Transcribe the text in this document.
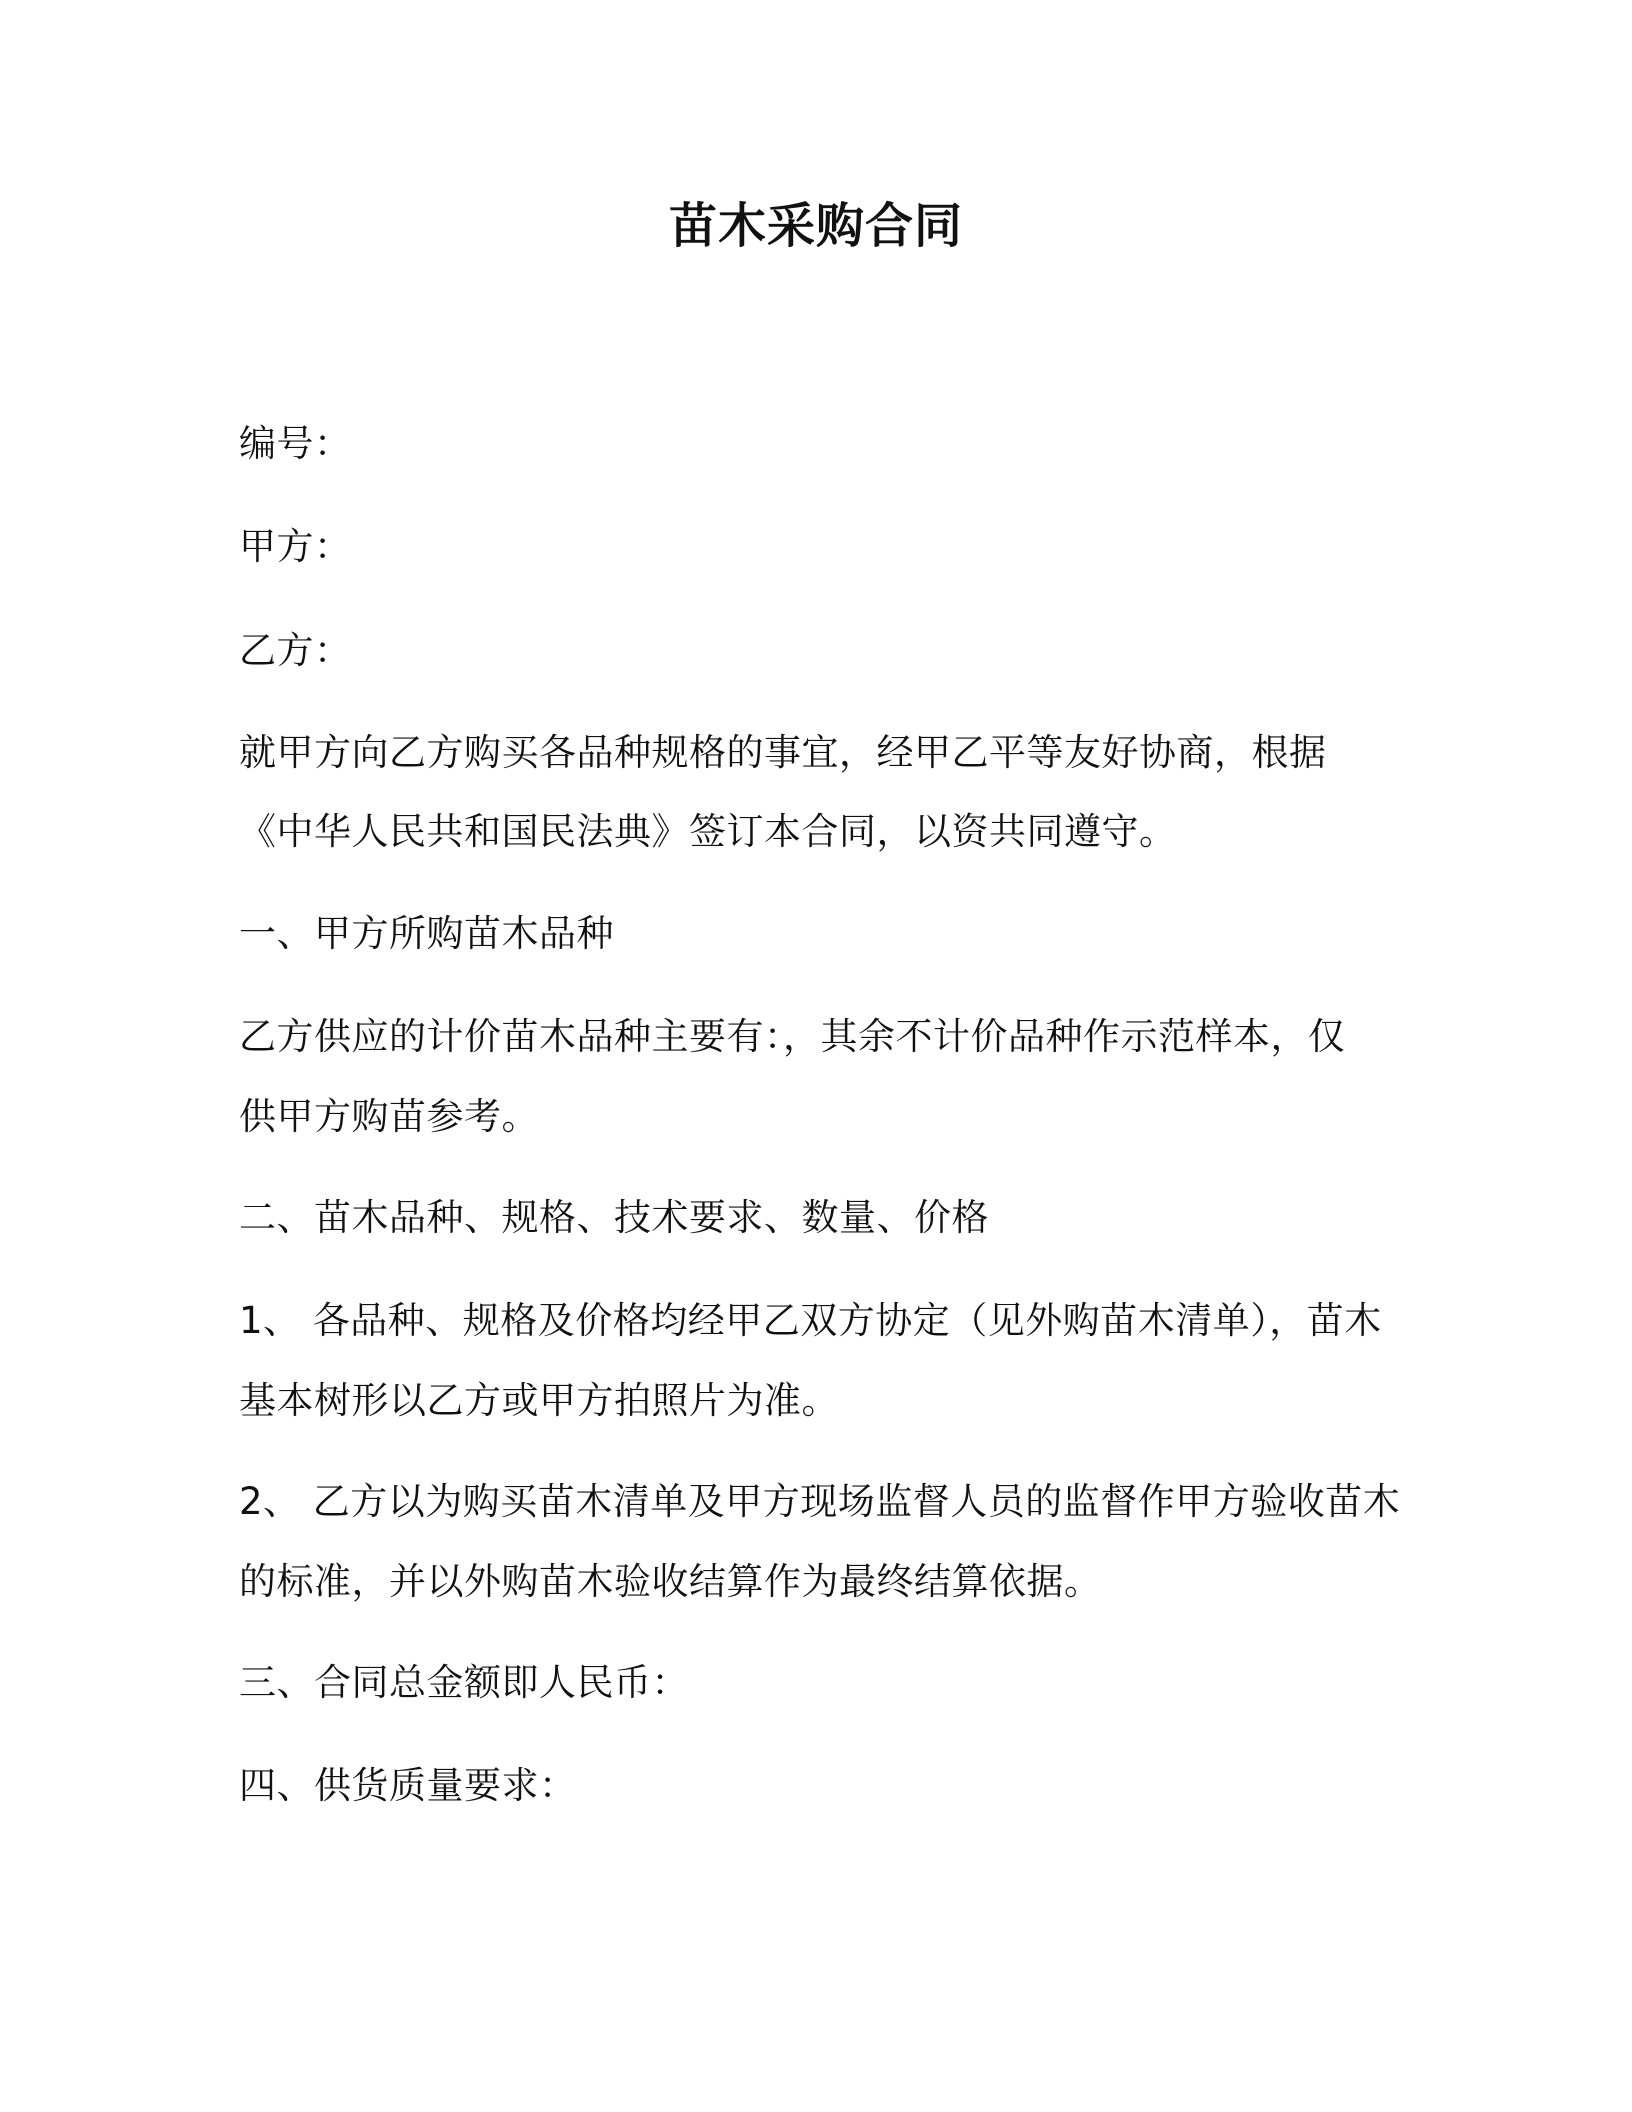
苗木采购合同
编号：
甲方：
乙方：
就甲方向乙方购买各品种规格的事宜，经甲乙平等友好协商，根据
《中华人民共和国民法典》签订本合同，以资共同遵守。
一、甲方所购苗木品种
乙方供应的计价苗木品种主要有：，其余不计价品种作示范样本，仅
供甲方购苗参考。
二、苗木品种、规格、技术要求、数量、价格
1、 各品种、规格及价格均经甲乙双方协定（见外购苗木清单），苗木
基本树形以乙方或甲方拍照片为准。
2、 乙方以为购买苗木清单及甲方现场监督人员的监督作甲方验收苗木
的标准，并以外购苗木验收结算作为最终结算依据。
三、合同总金额即人民币：
四、供货质量要求：
